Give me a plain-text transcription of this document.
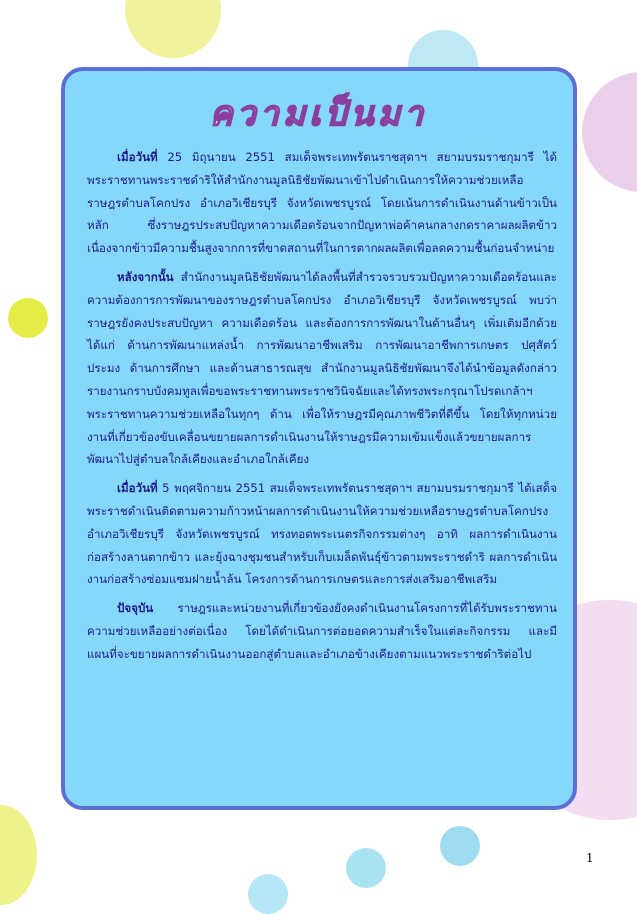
ความเป็นมา

เมื่อวันที่ 25 มิถุนายน 2551 สมเด็จพระเทพรัตนราชสุดาฯ สยามบรมราชกุมารี ได้พระราชทานพระราชดำริให้สำนักงานมูลนิธิชัยพัฒนาเข้าไปดำเนินการให้ความช่วยเหลือราษฎรตำบลโคกปรง อำเภอวิเชียรบุรี จังหวัดเพชรบูรณ์ โดยเน้นการดำเนินงานด้านข้าวเป็นหลัก ซึ่งราษฎรประสบปัญหาความเดือดร้อนจากปัญหาพ่อค้าคนกลางกดราคาผลผลิตข้าว เนื่องจากข้าวมีความชื้นสูงจากการที่ขาดสถานที่ในการตากผลผลิตเพื่อลดความชื้นก่อนจำหน่าย

หลังจากนั้น สำนักงานมูลนิธิชัยพัฒนาได้ลงพื้นที่สำรวจรวบรวมปัญหาความเดือดร้อนและความต้องการการพัฒนาของราษฎรตำบลโคกปรง อำเภอวิเชียรบุรี จังหวัดเพชรบูรณ์ พบว่า ราษฎรยังคงประสบปัญหา ความเดือดร้อน และต้องการการพัฒนาในด้านอื่นๆ เพิ่มเติมอีกด้วย ได้แก่ ด้านการพัฒนาแหล่งน้ำ การพัฒนาอาชีพเสริม การพัฒนาอาชีพการเกษตร ปศุสัตว์ ประมง ด้านการศึกษา และด้านสาธารณสุข สำนักงานมูลนิธิชัยพัฒนาจึงได้นำข้อมูลดังกล่าว รายงานกราบบังคมทูลเพื่อขอพระราชทานพระราชวินิจฉัยและได้ทรงพระกรุณาโปรดเกล้าฯพระราชทานความช่วยเหลือในทุกๆ ด้าน เพื่อให้ราษฎรมีคุณภาพชีวิตที่ดีขึ้น โดยให้ทุกหน่วยงานที่เกี่ยวข้องขับเคลื่อนขยายผลการดำเนินงานให้ราษฎรมีความเข้มแข็งแล้วขยายผลการพัฒนาไปสู่ตำบลใกล้เคียงและอำเภอใกล้เคียง

เมื่อวันที่ 5 พฤศจิกายน 2551 สมเด็จพระเทพรัตนราชสุดาฯ สยามบรมราชกุมารี ได้เสด็จพระราชดำเนินติดตามความก้าวหน้าผลการดำเนินงานให้ความช่วยเหลือราษฎรตำบลโคกปรง อำเภอวิเชียรบุรี จังหวัดเพชรบูรณ์ ทรงทอดพระเนตรกิจกรรมต่างๆ อาทิ ผลการดำเนินงานก่อสร้างลานตากข้าว และยุ้งฉางชุมชนสำหรับเก็บเมล็ดพันธุ์ข้าวตามพระราชดำริ ผลการดำเนินงานก่อสร้างซ่อมแซมฝายน้ำล้น โครงการด้านการเกษตรและการส่งเสริมอาชีพเสริม

ปัจจุบัน ราษฎรและหน่วยงานที่เกี่ยวข้องยังคงดำเนินงานโครงการที่ได้รับพระราชทานความช่วยเหลืออย่างต่อเนื่อง โดยได้ดำเนินการต่อยอดความสำเร็จในแต่ละกิจกรรม และมีแผนที่จะขยายผลการดำเนินงานออกสู่ตำบลและอำเภอข้างเคียงตามแนวพระราชดำริต่อไป

1
